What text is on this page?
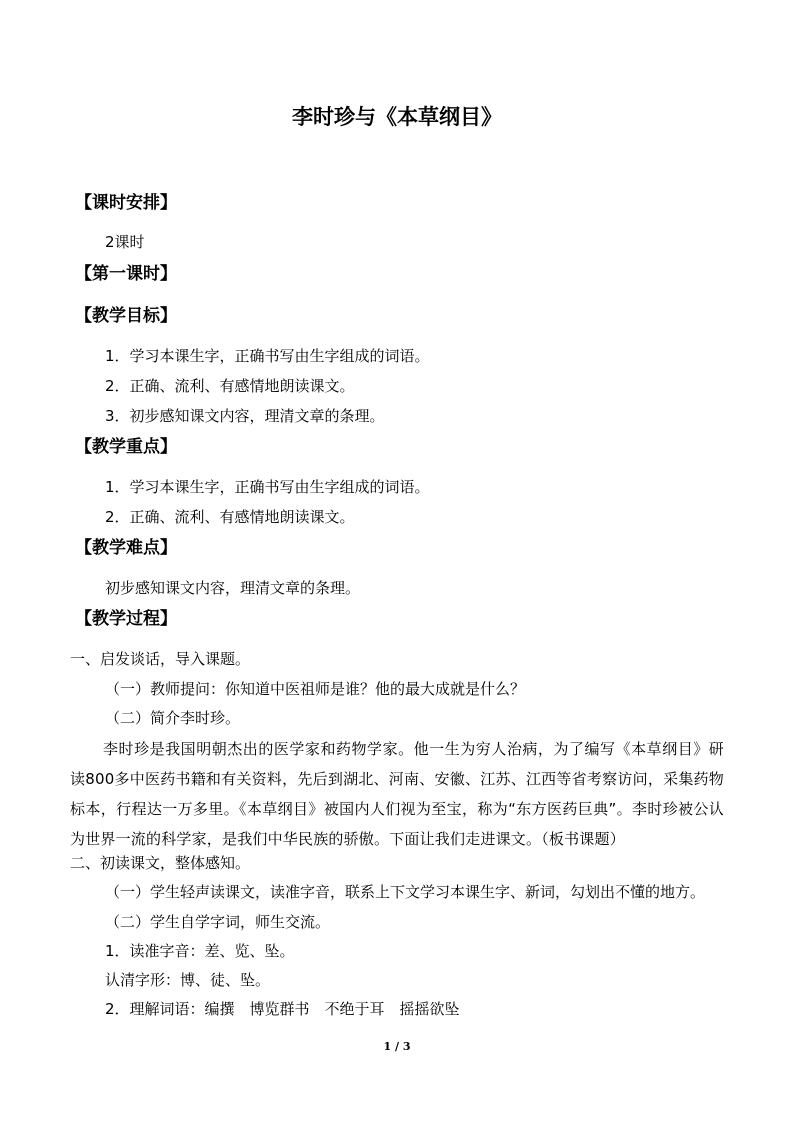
李时珍与《本草纲目》
【课时安排】
2课时
【第一课时】
【教学目标】
1．学习本课生字，正确书写由生字组成的词语。
2．正确、流利、有感情地朗读课文。
3．初步感知课文内容，理清文章的条理。
【教学重点】
1．学习本课生字，正确书写由生字组成的词语。
2．正确、流利、有感情地朗读课文。
【教学难点】
初步感知课文内容，理清文章的条理。
【教学过程】
一、启发谈话，导入课题。
（一）教师提问：你知道中医祖师是谁？他的最大成就是什么？
（二）简介李时珍。
李时珍是我国明朝杰出的医学家和药物学家。他一生为穷人治病，为了编写《本草纲目》研读800多中医药书籍和有关资料，先后到湖北、河南、安徽、江苏、江西等省考察访问，采集药物标本，行程达一万多里。《本草纲目》被国内人们视为至宝，称为“东方医药巨典”。李时珍被公认为世界一流的科学家，是我们中华民族的骄傲。下面让我们走进课文。（板书课题）
二、初读课文，整体感知。
（一）学生轻声读课文，读准字音，联系上下文学习本课生字、新词，勾划出不懂的地方。
（二）学生自学字词，师生交流。
1．读准字音：差、览、坠。
认清字形：博、徒、坠。
2．理解词语：编撰　博览群书　不绝于耳　摇摇欲坠
1 / 3
